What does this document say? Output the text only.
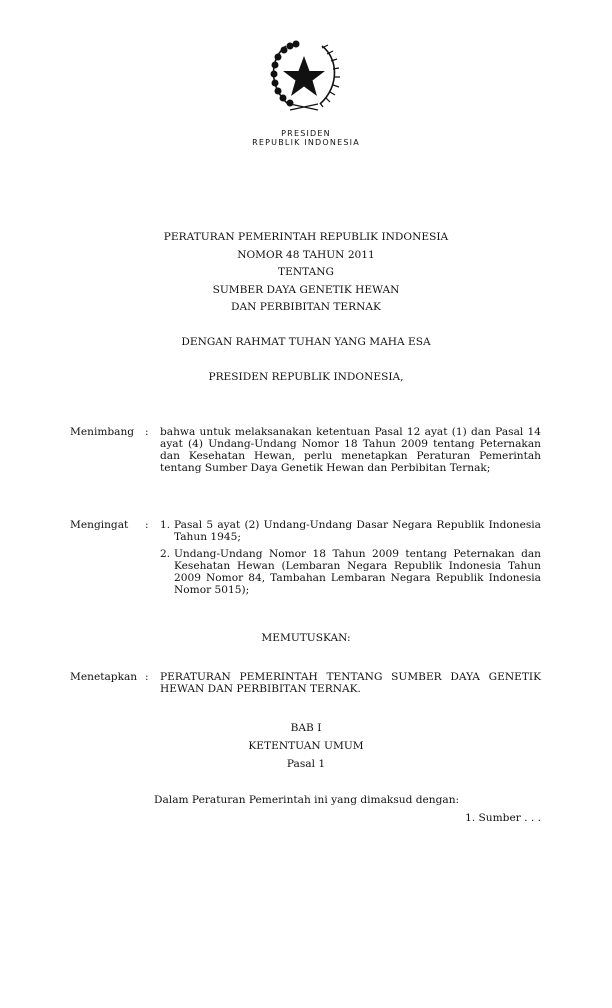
PRESIDEN
REPUBLIK INDONESIA
PERATURAN PEMERINTAH REPUBLIK INDONESIA
NOMOR 48 TAHUN 2011
TENTANG
SUMBER DAYA GENETIK HEWAN
DAN PERBIBITAN TERNAK
DENGAN RAHMAT TUHAN YANG MAHA ESA
PRESIDEN REPUBLIK INDONESIA,
Menimbang : bahwa untuk melaksanakan ketentuan Pasal 12 ayat (1) dan Pasal 14 ayat (4) Undang-Undang Nomor 18 Tahun 2009 tentang Peternakan dan Kesehatan Hewan, perlu menetapkan Peraturan Pemerintah tentang Sumber Daya Genetik Hewan dan Perbibitan Ternak;
Mengingat : 1. Pasal 5 ayat (2) Undang-Undang Dasar Negara Republik Indonesia Tahun 1945;
2. Undang-Undang Nomor 18 Tahun 2009 tentang Peternakan dan Kesehatan Hewan (Lembaran Negara Republik Indonesia Tahun 2009 Nomor 84, Tambahan Lembaran Negara Republik Indonesia Nomor 5015);
MEMUTUSKAN:
Menetapkan : PERATURAN PEMERINTAH TENTANG SUMBER DAYA GENETIK HEWAN DAN PERBIBITAN TERNAK.
BAB I
KETENTUAN UMUM
Pasal 1
Dalam Peraturan Pemerintah ini yang dimaksud dengan:
1. Sumber . . .
